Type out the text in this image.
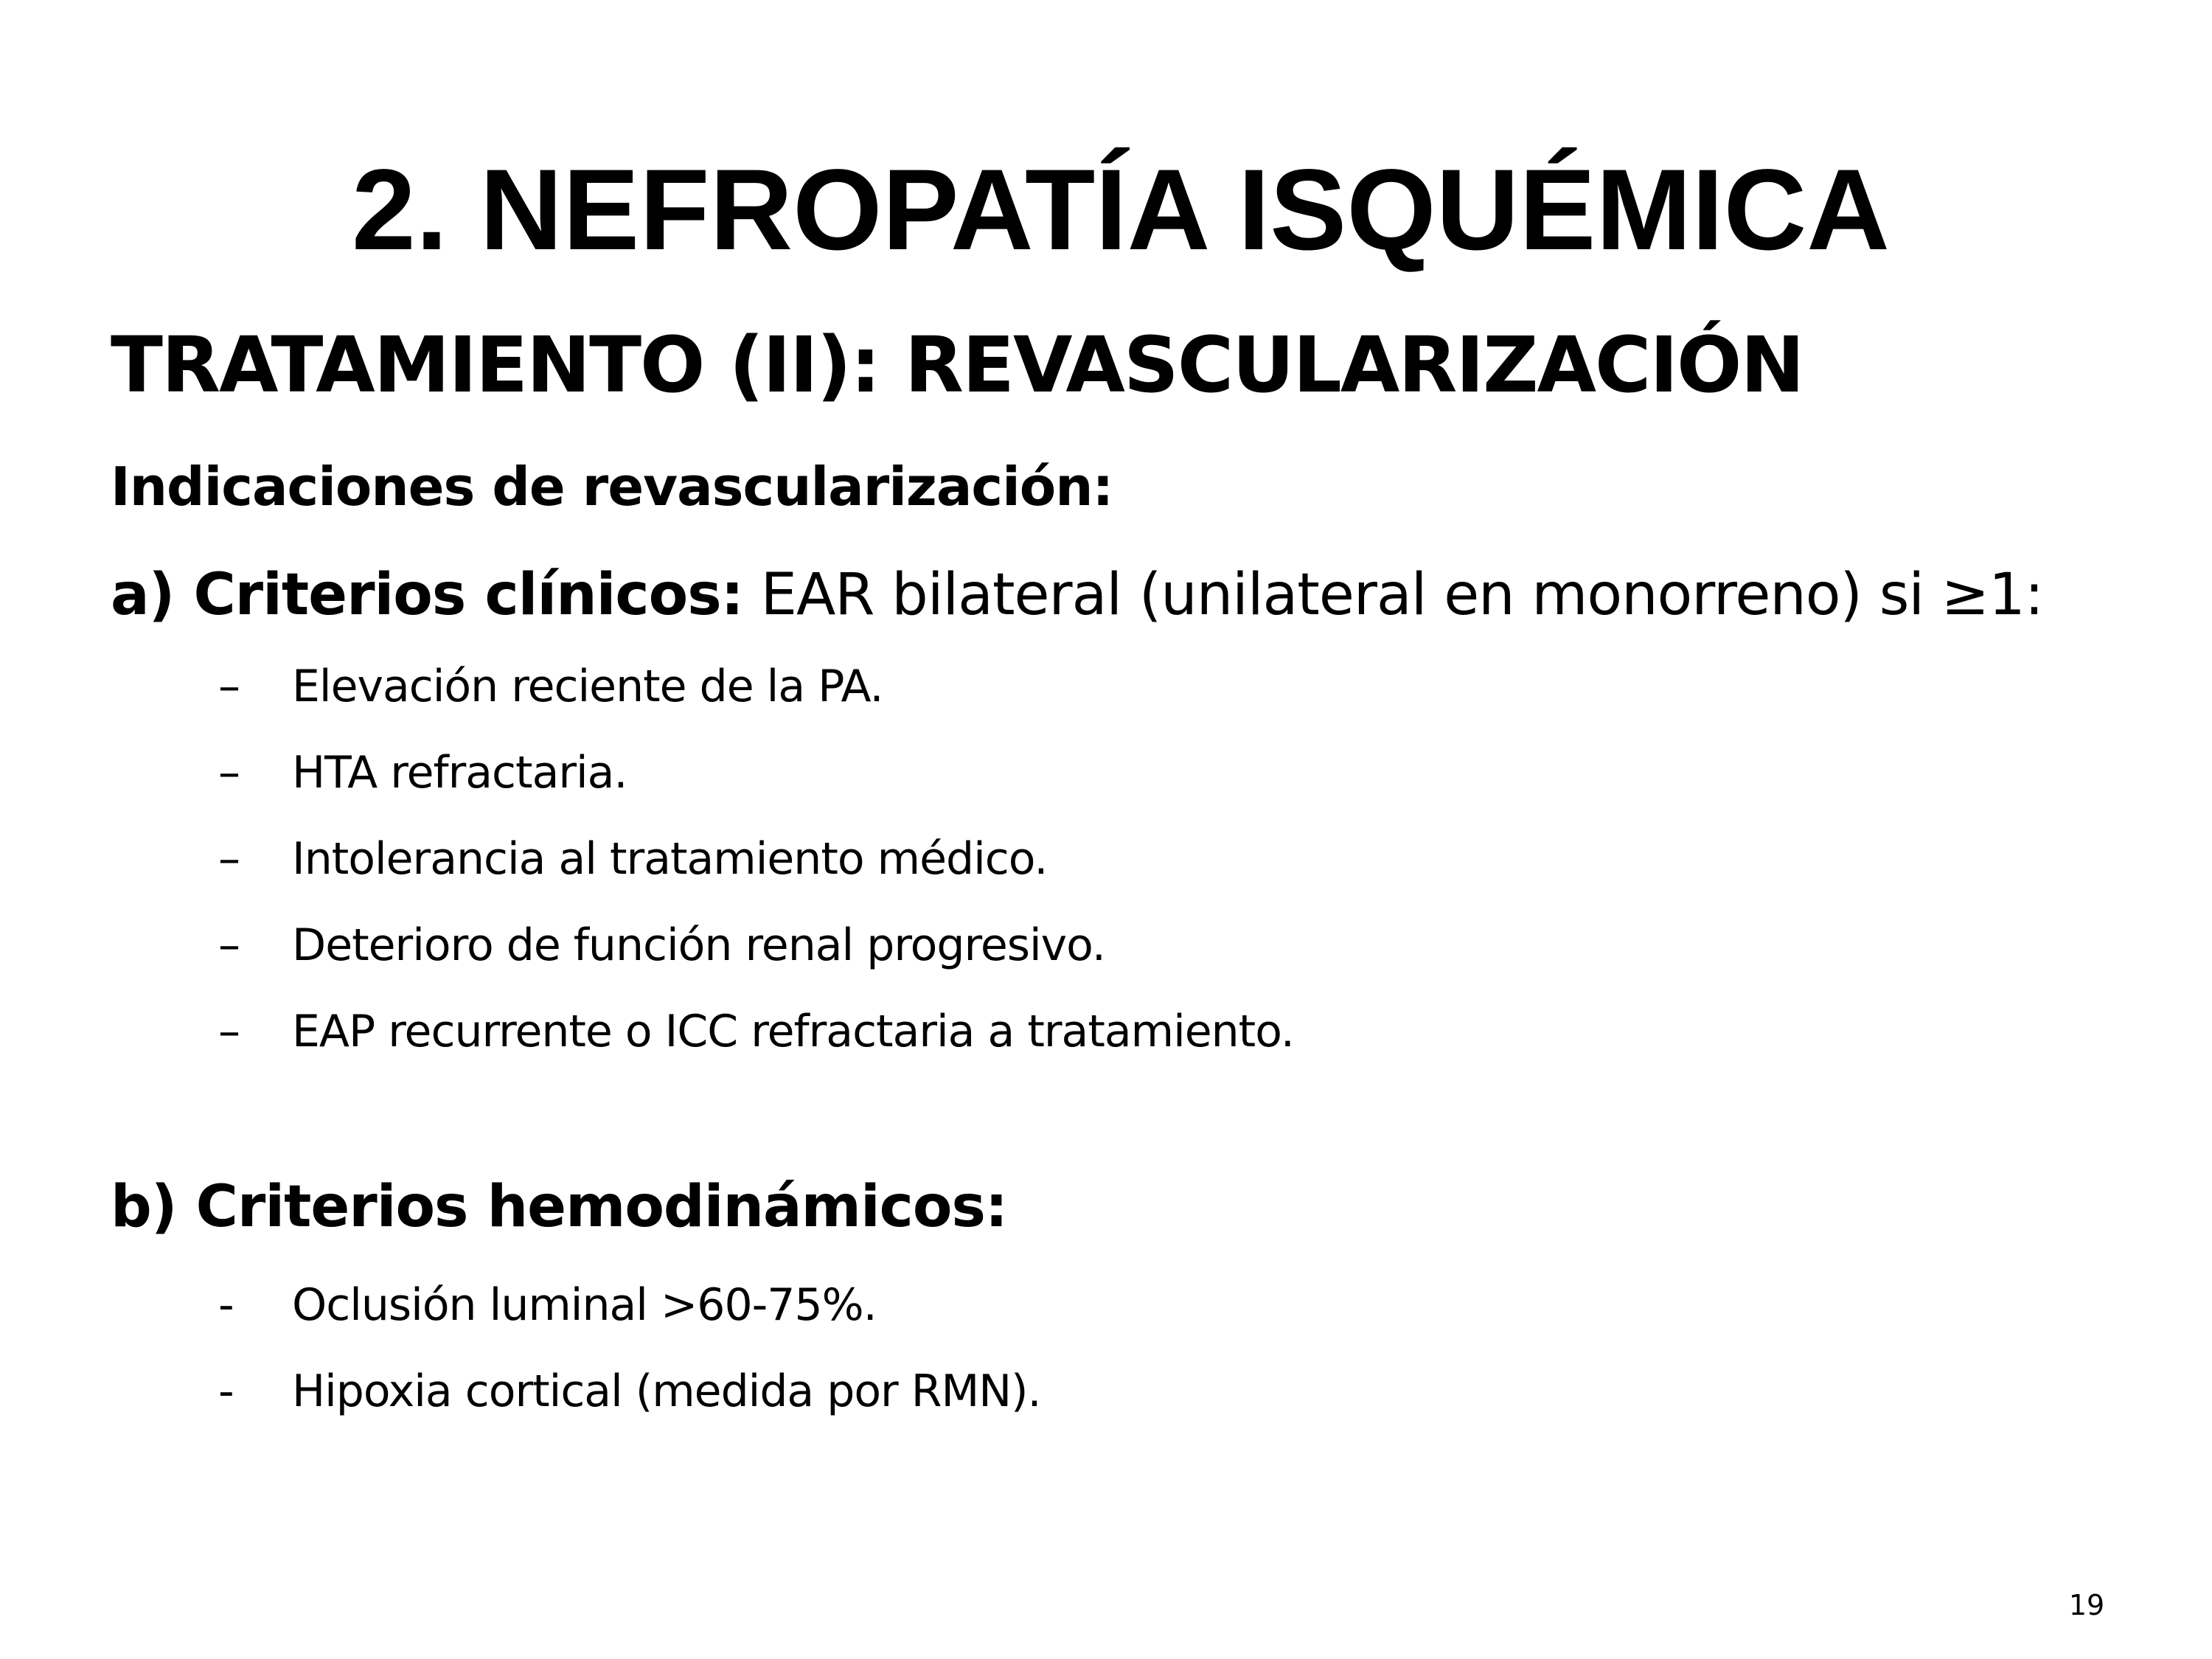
2. NEFROPATÍA ISQUÉMICA
TRATAMIENTO (II): REVASCULARIZACIÓN
Indicaciones de revascularización:
a) Criterios clínicos: EAR bilateral (unilateral en monorreno) si ≥1:
–	Elevación reciente de la PA.
–	HTA refractaria.
–	Intolerancia al tratamiento médico.
–	Deterioro de función renal progresivo.
–	EAP recurrente o ICC refractaria a tratamiento.
b) Criterios hemodinámicos:
-	Oclusión luminal >60-75%.
-	Hipoxia cortical (medida por RMN).
19
